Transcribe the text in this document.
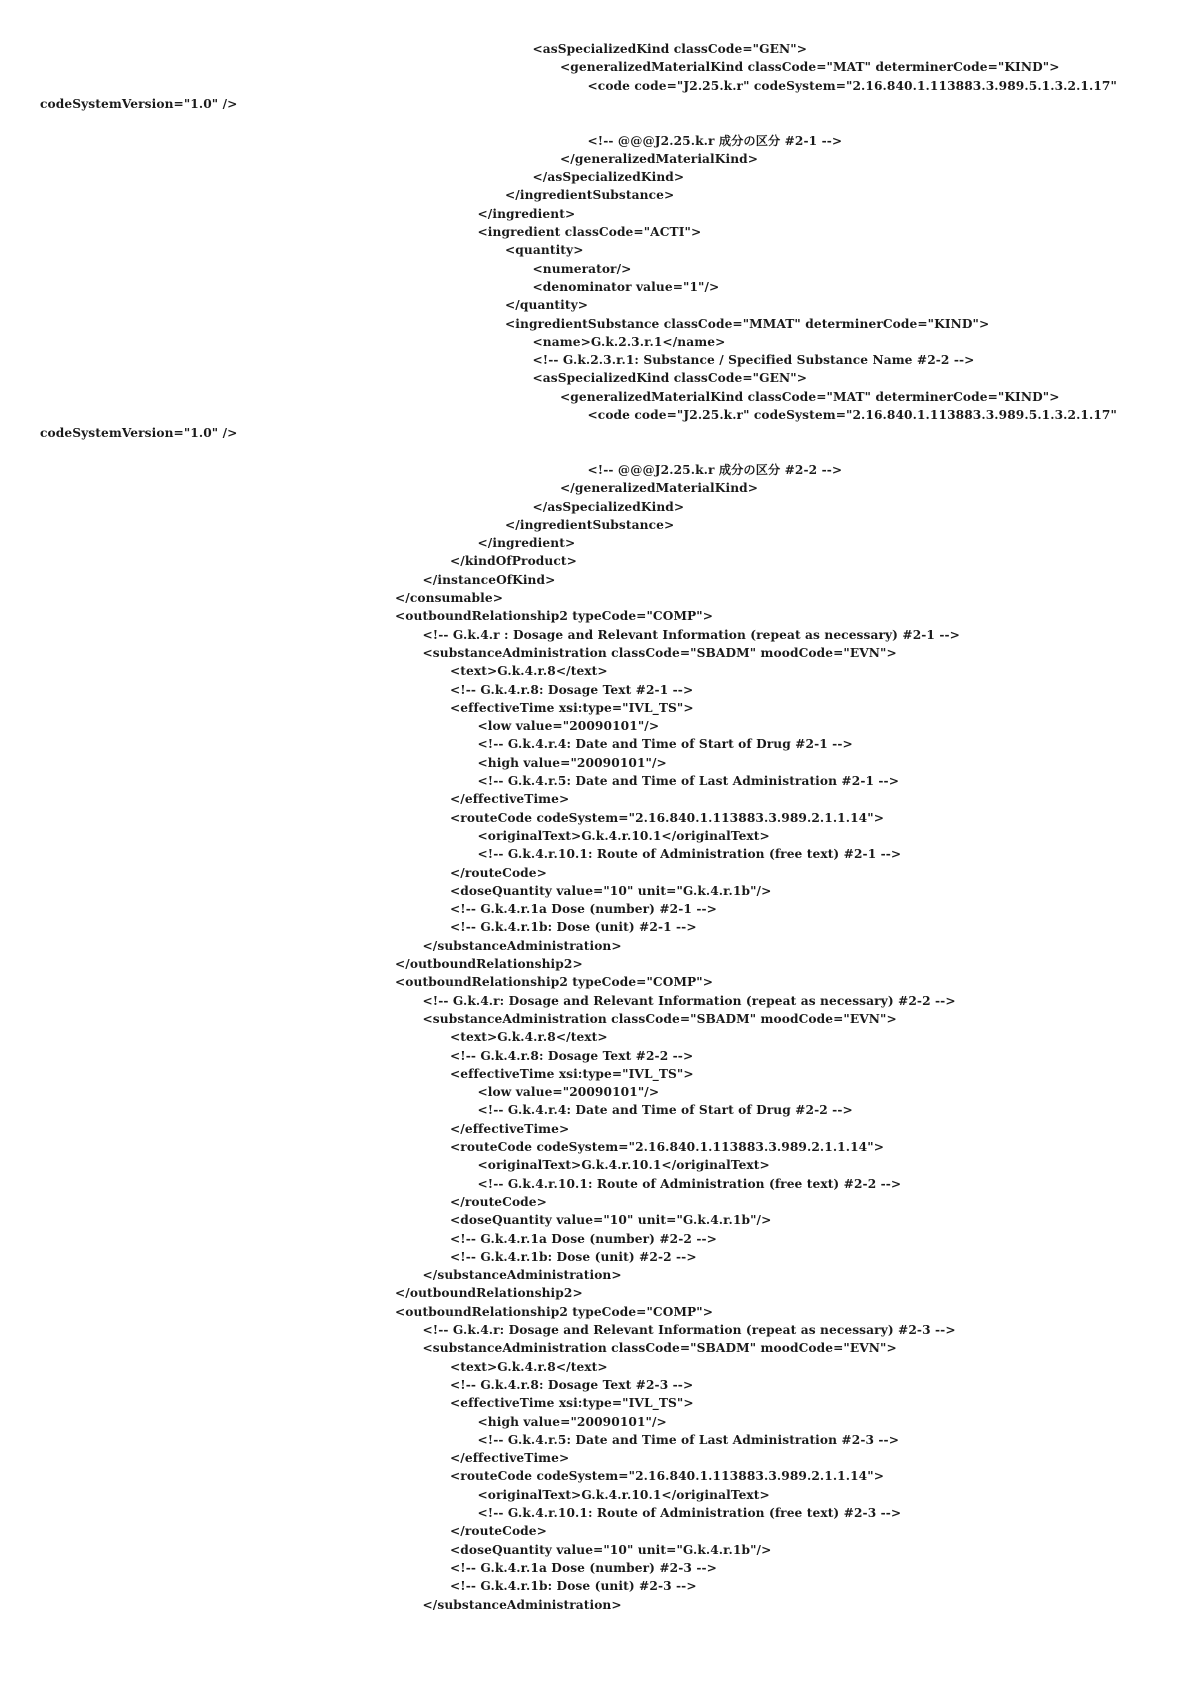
<asSpecializedKind classCode="GEN">
<generalizedMaterialKind classCode="MAT" determinerCode="KIND">
<code code="J2.25.k.r" codeSystem="2.16.840.1.113883.3.989.5.1.3.2.1.17"
codeSystemVersion="1.0" />
<!-- @@@J2.25.k.r 成分の区分 #2-1 -->
</generalizedMaterialKind>
</asSpecializedKind>
</ingredientSubstance>
</ingredient>
<ingredient classCode="ACTI">
<quantity>
<numerator/>
<denominator value="1"/>
</quantity>
<ingredientSubstance classCode="MMAT" determinerCode="KIND">
<name>G.k.2.3.r.1</name>
<!-- G.k.2.3.r.1: Substance / Specified Substance Name #2-2 -->
<asSpecializedKind classCode="GEN">
<generalizedMaterialKind classCode="MAT" determinerCode="KIND">
<code code="J2.25.k.r" codeSystem="2.16.840.1.113883.3.989.5.1.3.2.1.17"
codeSystemVersion="1.0" />
<!-- @@@J2.25.k.r 成分の区分 #2-2 -->
</generalizedMaterialKind>
</asSpecializedKind>
</ingredientSubstance>
</ingredient>
</kindOfProduct>
</instanceOfKind>
</consumable>
<outboundRelationship2 typeCode="COMP">
<!-- G.k.4.r : Dosage and Relevant Information (repeat as necessary) #2-1 -->
<substanceAdministration classCode="SBADM" moodCode="EVN">
<text>G.k.4.r.8</text>
<!-- G.k.4.r.8: Dosage Text #2-1 -->
<effectiveTime xsi:type="IVL_TS">
<low value="20090101"/>
<!-- G.k.4.r.4: Date and Time of Start of Drug #2-1 -->
<high value="20090101"/>
<!-- G.k.4.r.5: Date and Time of Last Administration #2-1 -->
</effectiveTime>
<routeCode codeSystem="2.16.840.1.113883.3.989.2.1.1.14">
<originalText>G.k.4.r.10.1</originalText>
<!-- G.k.4.r.10.1: Route of Administration (free text) #2-1 -->
</routeCode>
<doseQuantity value="10" unit="G.k.4.r.1b"/>
<!-- G.k.4.r.1a Dose (number) #2-1 -->
<!-- G.k.4.r.1b: Dose (unit) #2-1 -->
</substanceAdministration>
</outboundRelationship2>
<outboundRelationship2 typeCode="COMP">
<!-- G.k.4.r: Dosage and Relevant Information (repeat as necessary) #2-2 -->
<substanceAdministration classCode="SBADM" moodCode="EVN">
<text>G.k.4.r.8</text>
<!-- G.k.4.r.8: Dosage Text #2-2 -->
<effectiveTime xsi:type="IVL_TS">
<low value="20090101"/>
<!-- G.k.4.r.4: Date and Time of Start of Drug #2-2 -->
</effectiveTime>
<routeCode codeSystem="2.16.840.1.113883.3.989.2.1.1.14">
<originalText>G.k.4.r.10.1</originalText>
<!-- G.k.4.r.10.1: Route of Administration (free text) #2-2 -->
</routeCode>
<doseQuantity value="10" unit="G.k.4.r.1b"/>
<!-- G.k.4.r.1a Dose (number) #2-2 -->
<!-- G.k.4.r.1b: Dose (unit) #2-2 -->
</substanceAdministration>
</outboundRelationship2>
<outboundRelationship2 typeCode="COMP">
<!-- G.k.4.r: Dosage and Relevant Information (repeat as necessary) #2-3 -->
<substanceAdministration classCode="SBADM" moodCode="EVN">
<text>G.k.4.r.8</text>
<!-- G.k.4.r.8: Dosage Text #2-3 -->
<effectiveTime xsi:type="IVL_TS">
<high value="20090101"/>
<!-- G.k.4.r.5: Date and Time of Last Administration #2-3 -->
</effectiveTime>
<routeCode codeSystem="2.16.840.1.113883.3.989.2.1.1.14">
<originalText>G.k.4.r.10.1</originalText>
<!-- G.k.4.r.10.1: Route of Administration (free text) #2-3 -->
</routeCode>
<doseQuantity value="10" unit="G.k.4.r.1b"/>
<!-- G.k.4.r.1a Dose (number) #2-3 -->
<!-- G.k.4.r.1b: Dose (unit) #2-3 -->
</substanceAdministration>
